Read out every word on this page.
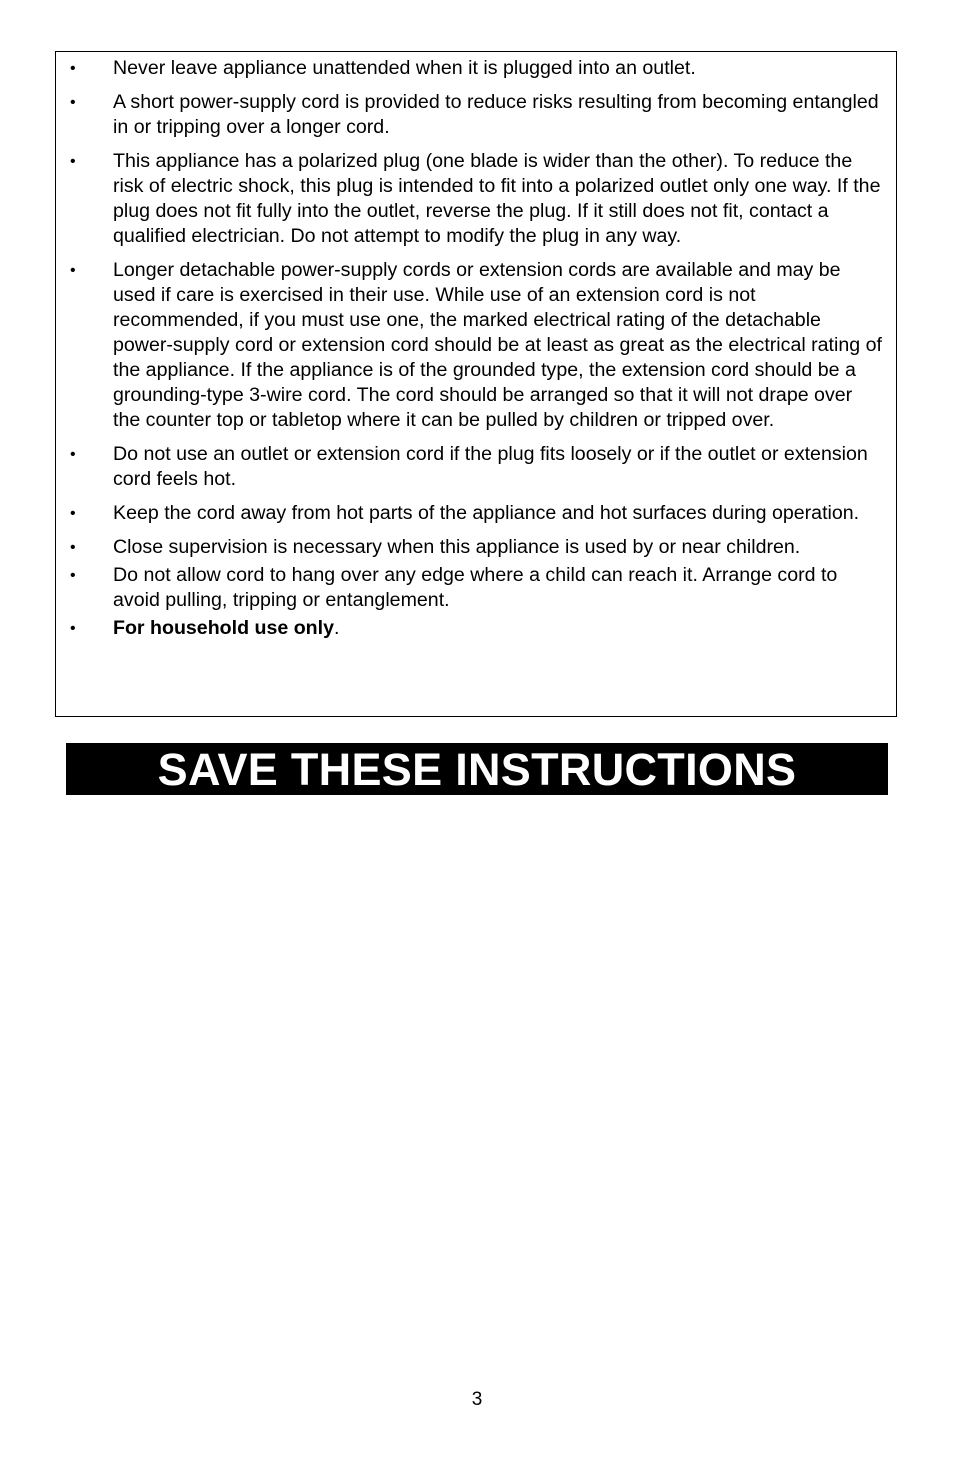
• Never leave appliance unattended when it is plugged into an outlet.
• A short power-supply cord is provided to reduce risks resulting from becoming entangled in or tripping over a longer cord.
• This appliance has a polarized plug (one blade is wider than the other). To reduce the risk of electric shock, this plug is intended to fit into a polarized outlet only one way. If the plug does not fit fully into the outlet, reverse the plug. If it still does not fit, contact a qualified electrician. Do not attempt to modify the plug in any way.
• Longer detachable power-supply cords or extension cords are available and may be used if care is exercised in their use. While use of an extension cord is not recommended, if you must use one, the marked electrical rating of the detachable power-supply cord or extension cord should be at least as great as the electrical rating of the appliance. If the appliance is of the grounded type, the extension cord should be a grounding-type 3-wire cord. The cord should be arranged so that it will not drape over the counter top or tabletop where it can be pulled by children or tripped over.
• Do not use an outlet or extension cord if the plug fits loosely or if the outlet or extension cord feels hot.
• Keep the cord away from hot parts of the appliance and hot surfaces during operation.
• Close supervision is necessary when this appliance is used by or near children.
• Do not allow cord to hang over any edge where a child can reach it. Arrange cord to avoid pulling, tripping or entanglement.
• For household use only.
SAVE THESE INSTRUCTIONS
3
